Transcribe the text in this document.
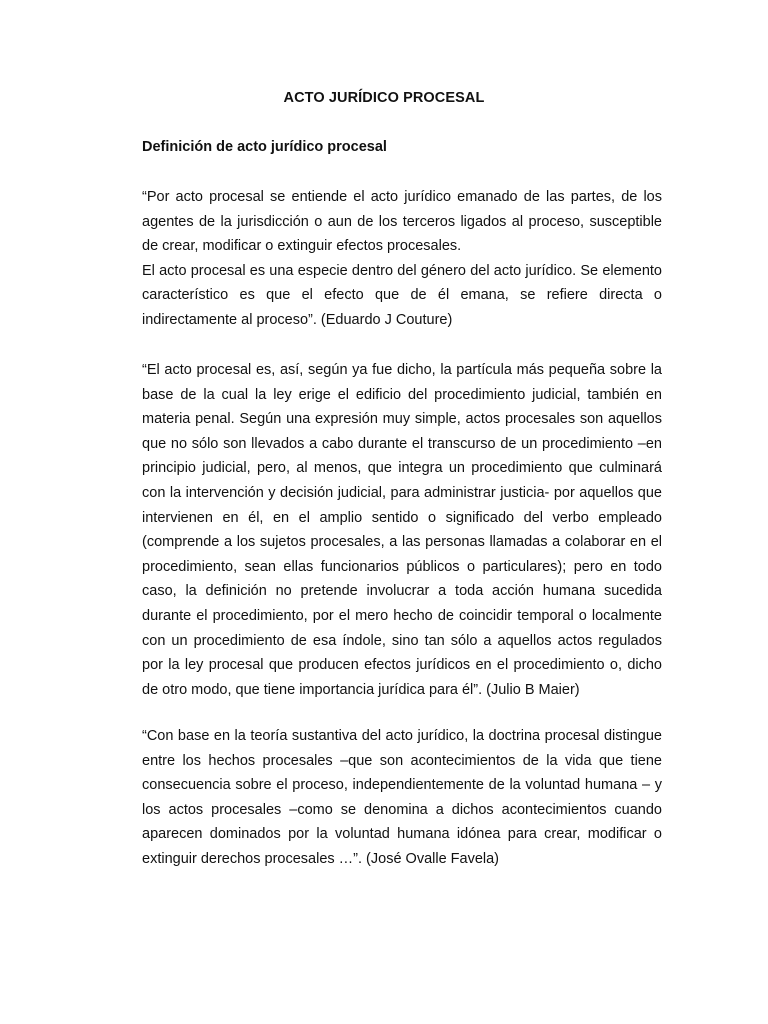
ACTO JURÍDICO PROCESAL
Definición de acto jurídico procesal

“Por acto procesal se entiende el acto jurídico emanado de las partes, de los agentes de la jurisdicción o aun de los terceros ligados al proceso, susceptible de crear, modificar o extinguir efectos procesales.

El acto procesal es una especie dentro del género del acto jurídico. Se elemento característico es que el efecto que de él emana, se refiere directa o indirectamente al proceso”. (Eduardo J Couture)

“El acto procesal es, así, según ya fue dicho, la partícula más pequeña sobre la base de la cual la ley erige el edificio del procedimiento judicial, también en materia penal. Según una expresión muy simple, actos procesales son aquellos que no sólo son llevados a cabo durante el transcurso de un procedimiento –en principio judicial, pero, al menos, que integra un procedimiento que culminará con la intervención y decisión judicial, para administrar justicia- por aquellos que intervienen en él, en el amplio sentido o significado del verbo empleado (comprende a los sujetos procesales, a las personas llamadas a colaborar en el procedimiento, sean ellas funcionarios públicos o particulares); pero en todo caso, la definición no pretende involucrar a toda acción humana sucedida durante el procedimiento, por el mero hecho de coincidir temporal o localmente con un procedimiento de esa índole, sino tan sólo a aquellos actos regulados por la ley procesal que producen efectos jurídicos en el procedimiento o, dicho de otro modo, que tiene importancia jurídica para él”. (Julio B Maier)

“Con base en la teoría sustantiva del acto jurídico, la doctrina procesal distingue entre los hechos procesales –que son acontecimientos de la vida que tiene consecuencia sobre el proceso, independientemente de la voluntad humana – y los actos procesales –como se denomina a dichos acontecimientos cuando aparecen dominados por la voluntad humana idónea para crear, modificar o extinguir derechos procesales …”. (José Ovalle Favela)
